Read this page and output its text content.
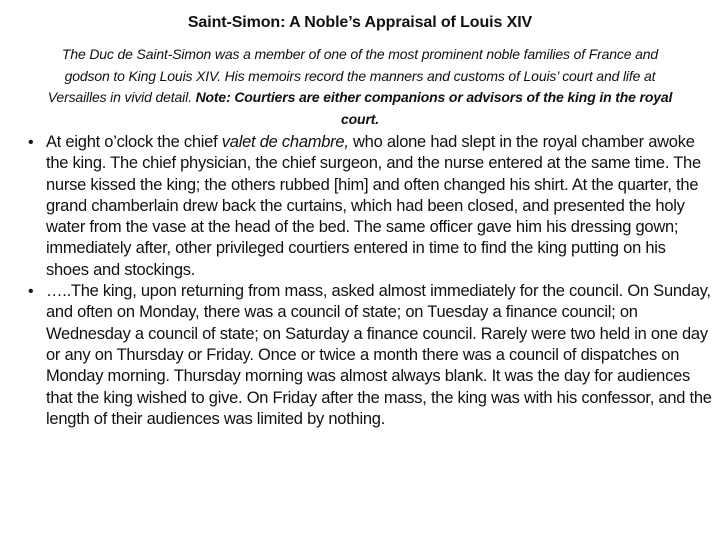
Saint-Simon: A Noble’s Appraisal of Louis XIV
The Duc de Saint-Simon was a member of one of the most prominent noble families of France and godson to King Louis XIV. His memoirs record the manners and customs of Louis’ court and life at Versailles in vivid detail. Note: Courtiers are either companions or advisors of the king in the royal court.
• At eight o’clock the chief valet de chambre, who alone had slept in the royal chamber awoke the king. The chief physician, the chief surgeon, and the nurse entered at the same time. The nurse kissed the king; the others rubbed [him] and often changed his shirt. At the quarter, the grand chamberlain drew back the curtains, which had been closed, and presented the holy water from the vase at the head of the bed. The same officer gave him his dressing gown; immediately after, other privileged courtiers entered in time to find the king putting on his shoes and stockings.
• …..The king, upon returning from mass, asked almost immediately for the council. On Sunday, and often on Monday, there was a council of state; on Tuesday a finance council; on Wednesday a council of state; on Saturday a finance council. Rarely were two held in one day or any on Thursday or Friday. Once or twice a month there was a council of dispatches on Monday morning. Thursday morning was almost always blank. It was the day for audiences that the king wished to give. On Friday after the mass, the king was with his confessor, and the length of their audiences was limited by nothing.
